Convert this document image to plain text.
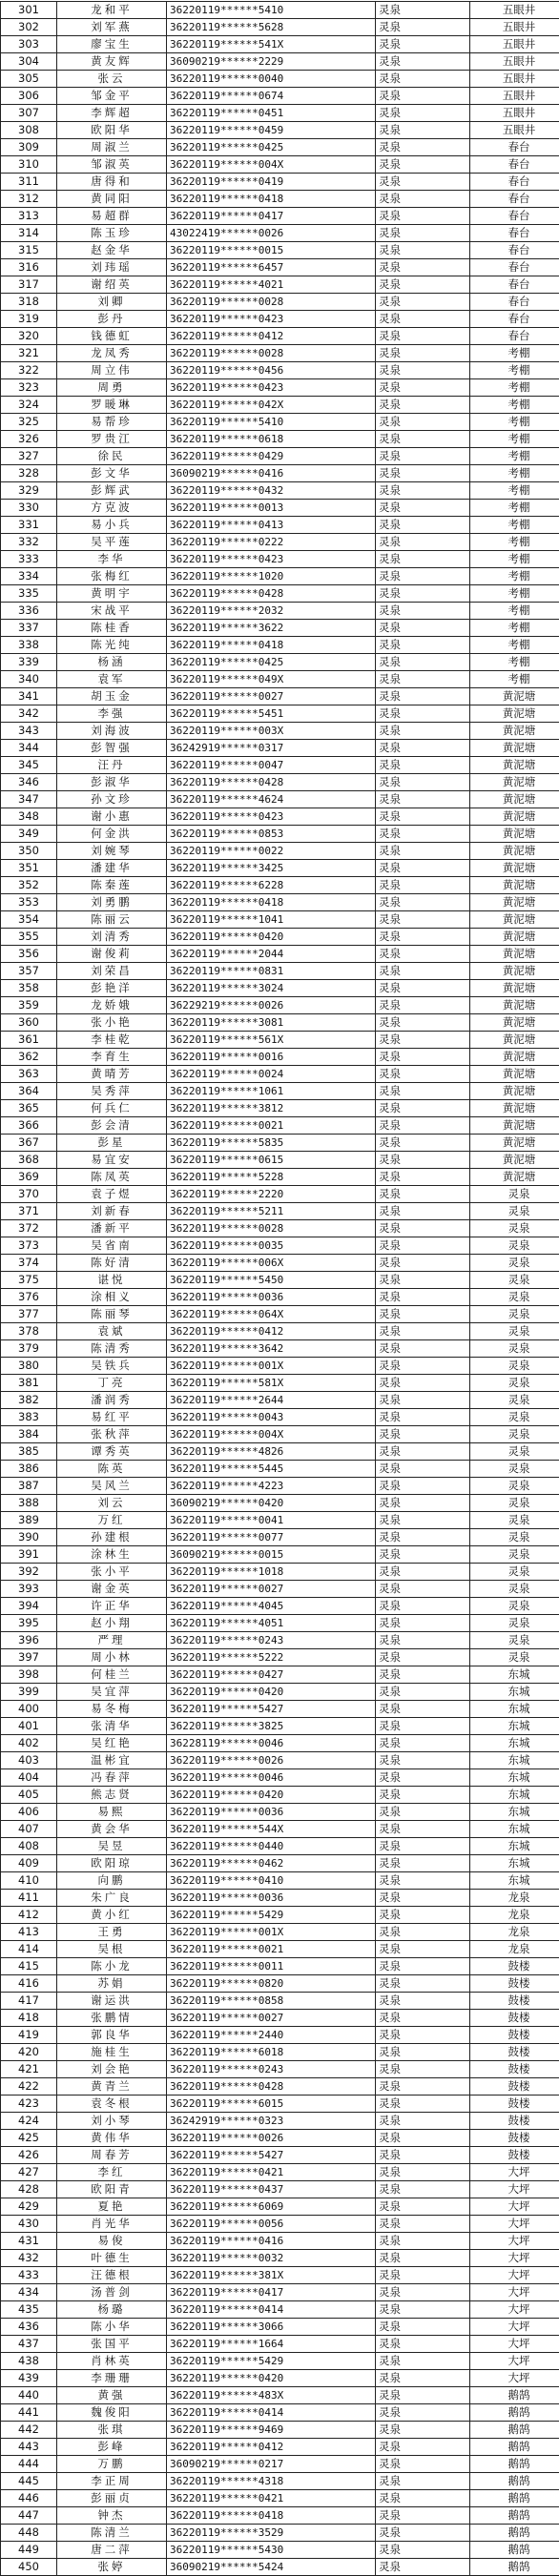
301	龙和平	36220119******5410	灵泉	五眼井
302	刘军燕	36220119******5628	灵泉	五眼井
303	廖宝生	36220119******541X	灵泉	五眼井
304	黄友辉	36090219******2229	灵泉	五眼井
305	张云	36220119******0040	灵泉	五眼井
306	邹金平	36220119******0674	灵泉	五眼井
307	李辉超	36220119******0451	灵泉	五眼井
308	欧阳华	36220119******0459	灵泉	五眼井
309	周淑兰	36220119******0425	灵泉	春台
310	邹淑英	36220119******004X	灵泉	春台
311	唐得和	36220119******0419	灵泉	春台
312	黄同阳	36220119******0418	灵泉	春台
313	易超群	36220119******0417	灵泉	春台
314	陈玉珍	43022419******0026	灵泉	春台
315	赵金华	36220119******0015	灵泉	春台
316	刘玮瑶	36220119******6457	灵泉	春台
317	谢绍英	36220119******4021	灵泉	春台
318	刘卿	36220119******0028	灵泉	春台
319	彭丹	36220119******0423	灵泉	春台
320	钱德虹	36220119******0412	灵泉	春台
321	龙凤秀	36220119******0028	灵泉	考棚
322	周立伟	36220119******0456	灵泉	考棚
323	周勇	36220119******0423	灵泉	考棚
324	罗暖琳	36220119******042X	灵泉	考棚
325	易帮珍	36220119******5410	灵泉	考棚
326	罗贵江	36220119******0618	灵泉	考棚
327	徐民	36220119******0429	灵泉	考棚
328	彭文华	36090219******0416	灵泉	考棚
329	彭辉武	36220119******0432	灵泉	考棚
330	方克波	36220119******0013	灵泉	考棚
331	易小兵	36220119******0413	灵泉	考棚
332	吴平莲	36220119******0222	灵泉	考棚
333	李华	36220119******0423	灵泉	考棚
334	张梅红	36220119******1020	灵泉	考棚
335	黄明宇	36220119******0428	灵泉	考棚
336	宋战平	36220119******2032	灵泉	考棚
337	陈桂香	36220119******3622	灵泉	考棚
338	陈光纯	36220119******0418	灵泉	考棚
339	杨涵	36220119******0425	灵泉	考棚
340	袁军	36220119******049X	灵泉	考棚
341	胡玉金	36220119******0027	灵泉	黄泥塘
342	李强	36220119******5451	灵泉	黄泥塘
343	刘海波	36220119******003X	灵泉	黄泥塘
344	彭智强	36242919******0317	灵泉	黄泥塘
345	汪丹	36220119******0047	灵泉	黄泥塘
346	彭淑华	36220119******0428	灵泉	黄泥塘
347	孙文珍	36220119******4624	灵泉	黄泥塘
348	谢小惠	36220119******0423	灵泉	黄泥塘
349	何金洪	36220119******0853	灵泉	黄泥塘
350	刘婉琴	36220119******0022	灵泉	黄泥塘
351	潘建华	36220119******3425	灵泉	黄泥塘
352	陈秦莲	36220119******6228	灵泉	黄泥塘
353	刘勇鹏	36220119******0418	灵泉	黄泥塘
354	陈丽云	36220119******1041	灵泉	黄泥塘
355	刘清秀	36220119******0420	灵泉	黄泥塘
356	谢俊莉	36220119******2044	灵泉	黄泥塘
357	刘荣昌	36220119******0831	灵泉	黄泥塘
358	彭艳洋	36220119******3024	灵泉	黄泥塘
359	龙娇娥	36229219******0026	灵泉	黄泥塘
360	张小艳	36220119******3081	灵泉	黄泥塘
361	李桂乾	36220119******561X	灵泉	黄泥塘
362	李育生	36220119******0016	灵泉	黄泥塘
363	黄晴芳	36220119******0024	灵泉	黄泥塘
364	吴秀萍	36220119******1061	灵泉	黄泥塘
365	何兵仁	36220119******3812	灵泉	黄泥塘
366	彭会清	36220119******0021	灵泉	黄泥塘
367	彭星	36220119******5835	灵泉	黄泥塘
368	易宜安	36220119******0615	灵泉	黄泥塘
369	陈凤英	36220119******5228	灵泉	黄泥塘
370	袁子煜	36220119******2220	灵泉	灵泉
371	刘新春	36220119******5211	灵泉	灵泉
372	潘新平	36220119******0028	灵泉	灵泉
373	吴省南	36220119******0035	灵泉	灵泉
374	陈好清	36220119******006X	灵泉	灵泉
375	谌悦	36220119******5450	灵泉	灵泉
376	涂相义	36220119******0036	灵泉	灵泉
377	陈丽琴	36220119******064X	灵泉	灵泉
378	袁斌	36220119******0412	灵泉	灵泉
379	陈清秀	36220119******3642	灵泉	灵泉
380	吴铁兵	36220119******001X	灵泉	灵泉
381	丁亮	36220119******581X	灵泉	灵泉
382	潘润秀	36220119******2644	灵泉	灵泉
383	易红平	36220119******0043	灵泉	灵泉
384	张秋萍	36220119******004X	灵泉	灵泉
385	谭秀英	36220119******4826	灵泉	灵泉
386	陈英	36220119******5445	灵泉	灵泉
387	吴风兰	36220119******4223	灵泉	灵泉
388	刘云	36090219******0420	灵泉	灵泉
389	万红	36220119******0041	灵泉	灵泉
390	孙建根	36220119******0077	灵泉	灵泉
391	涂林生	36090219******0015	灵泉	灵泉
392	张小平	36220119******1018	灵泉	灵泉
393	谢金英	36220119******0027	灵泉	灵泉
394	许正华	36220119******4045	灵泉	灵泉
395	赵小翔	36220119******4051	灵泉	灵泉
396	严理	36220119******0243	灵泉	灵泉
397	周小林	36220119******5222	灵泉	灵泉
398	何桂兰	36220119******0427	灵泉	东城
399	吴宜萍	36220119******0420	灵泉	东城
400	易冬梅	36220119******5427	灵泉	东城
401	张清华	36220119******3825	灵泉	东城
402	吴红艳	36228119******0046	灵泉	东城
403	温彬宜	36220119******0026	灵泉	东城
404	冯春萍	36220119******0046	灵泉	东城
405	熊志贤	36220119******0420	灵泉	东城
406	易熙	36220119******0036	灵泉	东城
407	黄会华	36220119******544X	灵泉	东城
408	吴昱	36220119******0440	灵泉	东城
409	欧阳琼	36220119******0462	灵泉	东城
410	向鹏	36220119******0410	灵泉	东城
411	朱广良	36220119******0036	灵泉	龙泉
412	黄小红	36220119******5429	灵泉	龙泉
413	王勇	36220119******001X	灵泉	龙泉
414	吴根	36220119******0021	灵泉	龙泉
415	陈小龙	36220119******0011	灵泉	鼓楼
416	苏娟	36220119******0820	灵泉	鼓楼
417	谢运洪	36220119******0858	灵泉	鼓楼
418	张鹏情	36220119******0027	灵泉	鼓楼
419	郭良华	36220119******2440	灵泉	鼓楼
420	施桂生	36220119******6018	灵泉	鼓楼
421	刘会艳	36220119******0243	灵泉	鼓楼
422	黄青兰	36220119******0428	灵泉	鼓楼
423	袁冬根	36220119******6015	灵泉	鼓楼
424	刘小琴	36242919******0323	灵泉	鼓楼
425	黄伟华	36220119******0026	灵泉	鼓楼
426	周春芳	36220119******5427	灵泉	鼓楼
427	李红	36220119******0421	灵泉	大坪
428	欧阳青	36220119******0437	灵泉	大坪
429	夏艳	36220119******6069	灵泉	大坪
430	肖光华	36220119******0056	灵泉	大坪
431	易俊	36220119******0416	灵泉	大坪
432	叶德生	36220119******0032	灵泉	大坪
433	汪德根	36220119******381X	灵泉	大坪
434	汤普剑	36220119******0417	灵泉	大坪
435	杨璐	36220119******0414	灵泉	大坪
436	陈小华	36220119******3066	灵泉	大坪
437	张国平	36220119******1664	灵泉	大坪
438	肖林英	36220119******5429	灵泉	大坪
439	李珊珊	36220119******0420	灵泉	大坪
440	黄强	36220119******483X	灵泉	鹅鹄
441	魏俊阳	36220119******0414	灵泉	鹅鹄
442	张琪	36220119******9469	灵泉	鹅鹄
443	彭峰	36220119******0412	灵泉	鹅鹄
444	万鹏	36090219******0217	灵泉	鹅鹄
445	李正周	36220119******4318	灵泉	鹅鹄
446	彭丽贞	36220119******0421	灵泉	鹅鹄
447	钟杰	36220119******0418	灵泉	鹅鹄
448	陈清兰	36220119******3529	灵泉	鹅鹄
449	唐二萍	36220119******5430	灵泉	鹅鹄
450	张婷	36090219******5424	灵泉	鹅鹄
